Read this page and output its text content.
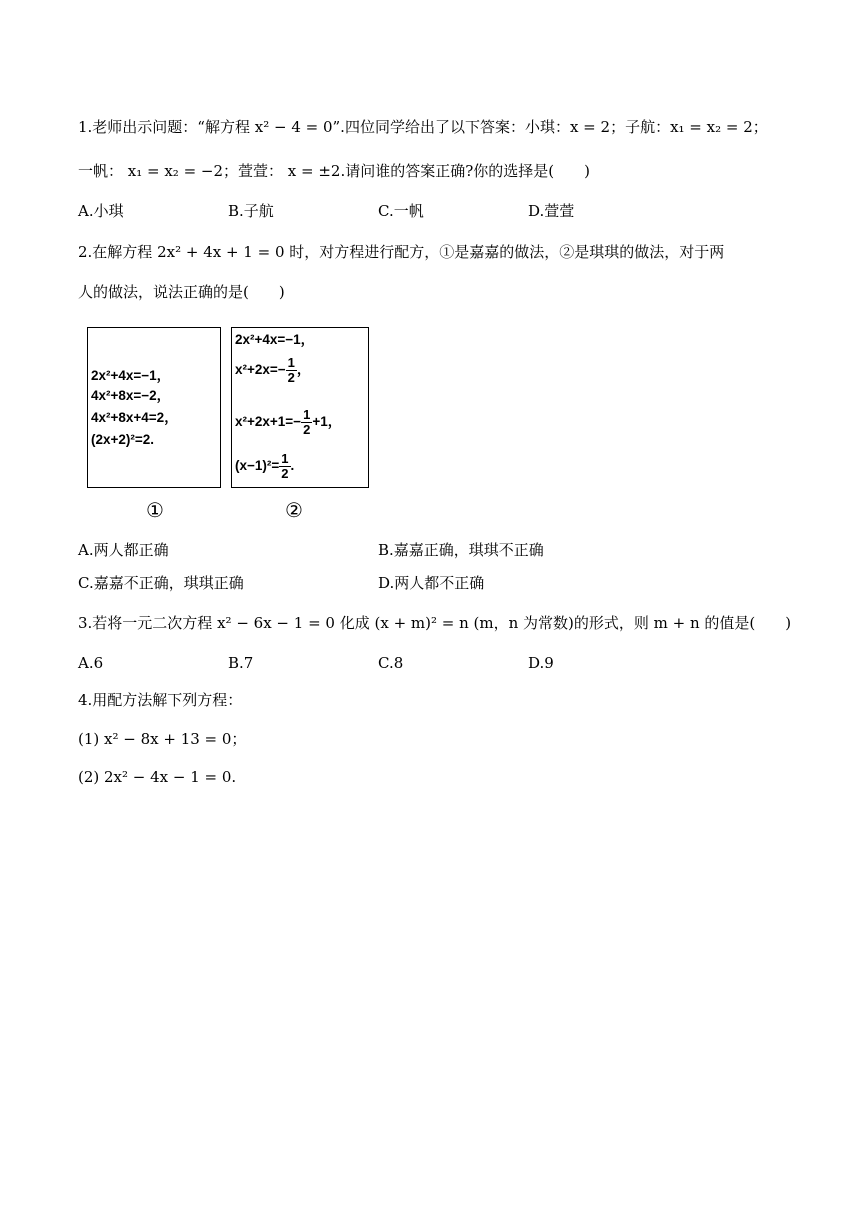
1.老师出示问题：“解方程 x² − 4 = 0”.四位同学给出了以下答案：小琪：x = 2；子航：x₁ = x₂ = 2；
一帆： x₁ = x₂ = −2；萱萱： x = ±2.请问谁的答案正确?你的选择是(　　)
A.小琪	B.子航	C.一帆	D.萱萱
2.在解方程 2x² + 4x + 1 = 0 时，对方程进行配方，①是嘉嘉的做法，②是琪琪的做法，对于两
人的做法，说法正确的是(　　)
2x²+4x=−1，
4x²+8x=−2，
4x²+8x+4=2，
(2x+2)²=2.
2x²+4x=−1，
$x^2+2x=- \frac{1}{2}$ ，
$x^2+2x+1=- \frac{1}{2} +1$，
$(x-1)^2= \frac{1}{2}$ .
①	②
A.两人都正确	B.嘉嘉正确，琪琪不正确
C.嘉嘉不正确，琪琪正确	D.两人都不正确
3.若将一元二次方程 x² − 6x − 1 = 0 化成 (x + m)² = n (m，n 为常数)的形式，则 m + n 的值是(　　)
A.6	B.7	C.8	D.9
4.用配方法解下列方程：
(1) x² − 8x + 13 = 0；
(2) 2x² − 4x − 1 = 0.
